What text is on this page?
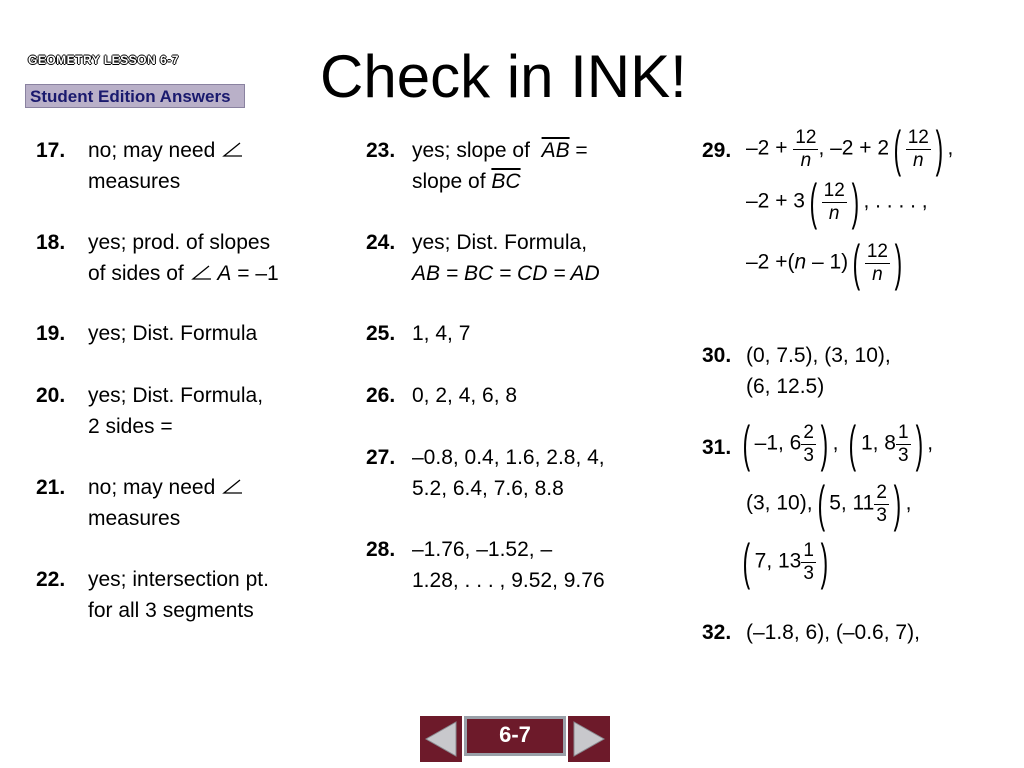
GEOMETRY LESSON 6-7
Student Edition Answers Check in INK!
17. no; may need
measures
18. yes; prod. of slopes
of sides of A = –1
19. yes; Dist. Formula
20. yes; Dist. Formula,
2 sides =
21. no; may need
measures
22. yes; intersection pt.
for all 3 segments
23. yes; slope of $\overline{AB}$ =
slope of $\overline{BC}$
24. yes; Dist. Formula,
AB = BC = CD = AD
25. 1, 4, 7
26. 0, 2, 4, 6, 8
27. –0.8, 0.4, 1.6, 2.8, 4,
5.2, 6.4, 7.6, 8.8
28. –1.76, –1.52, –
1.28, . . . , 9.52, 9.76
29. $-2 + \frac{12}{n}$ , $-2 + 2( \frac{12}{n}$ ) ,
$-2 + 3( \frac{12}{n}$ ) , . . . . ,
$-2 +(n - 1)( \frac{12}{n}$ )
30. (0, 7.5), (3, 10),
(6, 12.5)
31. ( –1, $6 \frac{2}{3}$ ) , ( 1, $8 \frac{1}{3}$ ) ,
(3, 10),( 5, $11 \frac{2}{3}$ ) ,
( 7, $13 \frac{1}{3}$ )
32. (–1.8, 6), (–0.6, 7),
6-7
